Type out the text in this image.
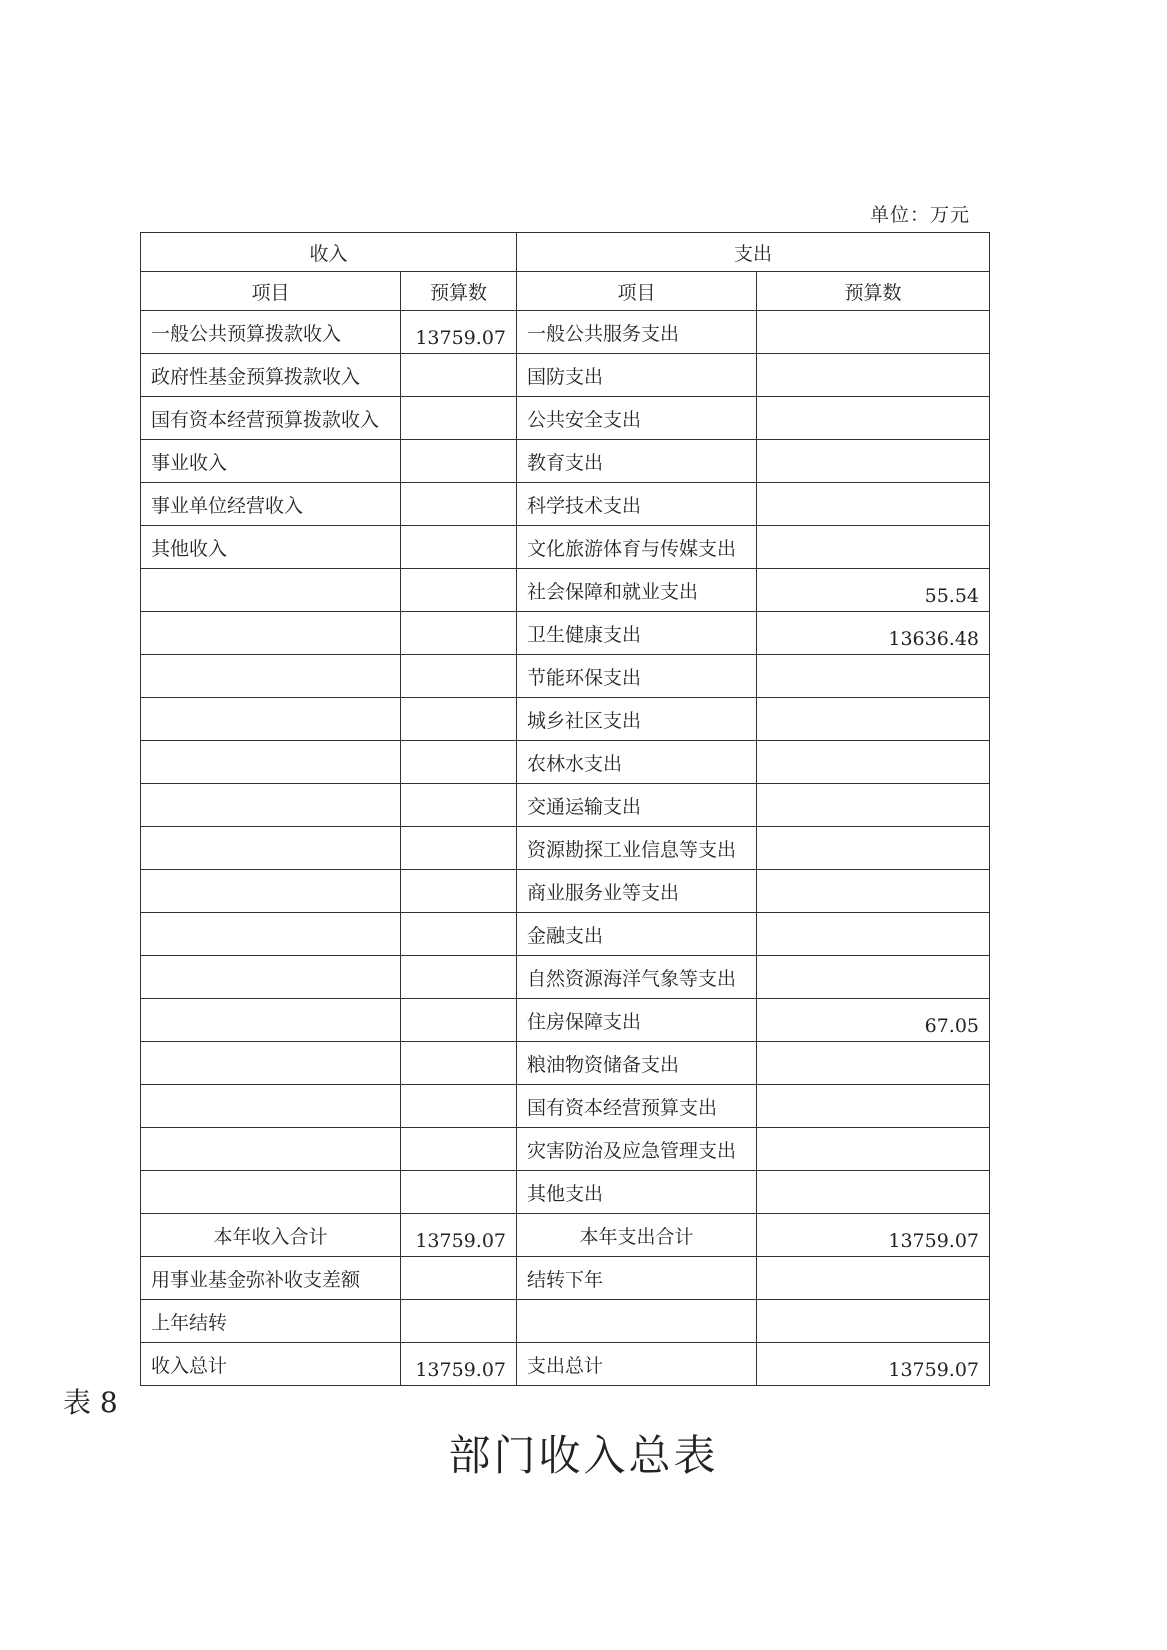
单位：万元
收入		支出	
项目	预算数	项目	预算数
一般公共预算拨款收入	13759.07	一般公共服务支出	
政府性基金预算拨款收入		国防支出	
国有资本经营预算拨款收入		公共安全支出	
事业收入		教育支出	
事业单位经营收入		科学技术支出	
其他收入		文化旅游体育与传媒支出	
		社会保障和就业支出	55.54
		卫生健康支出	13636.48
		节能环保支出	
		城乡社区支出	
		农林水支出	
		交通运输支出	
		资源勘探工业信息等支出	
		商业服务业等支出	
		金融支出	
		自然资源海洋气象等支出	
		住房保障支出	67.05
		粮油物资储备支出	
		国有资本经营预算支出	
		灾害防治及应急管理支出	
		其他支出	
本年收入合计	13759.07	本年支出合计	13759.07
用事业基金弥补收支差额		结转下年	
上年结转			
收入总计	13759.07	支出总计	13759.07
表 8
部门收入总表
